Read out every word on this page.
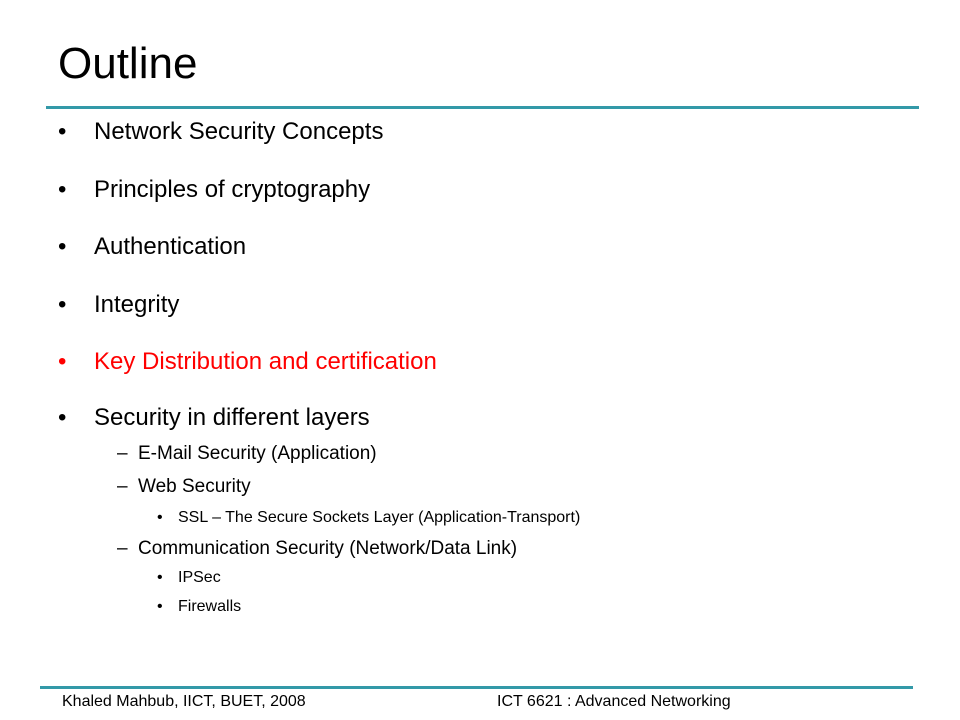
Outline
• Network Security Concepts
• Principles of cryptography
• Authentication
• Integrity
• Key Distribution and certification
• Security in different layers
– E-Mail Security (Application)
– Web Security
• SSL – The Secure Sockets Layer (Application-Transport)
– Communication Security (Network/Data Link)
• IPSec
• Firewalls
Khaled Mahbub, IICT, BUET, 2008	ICT 6621 : Advanced Networking
